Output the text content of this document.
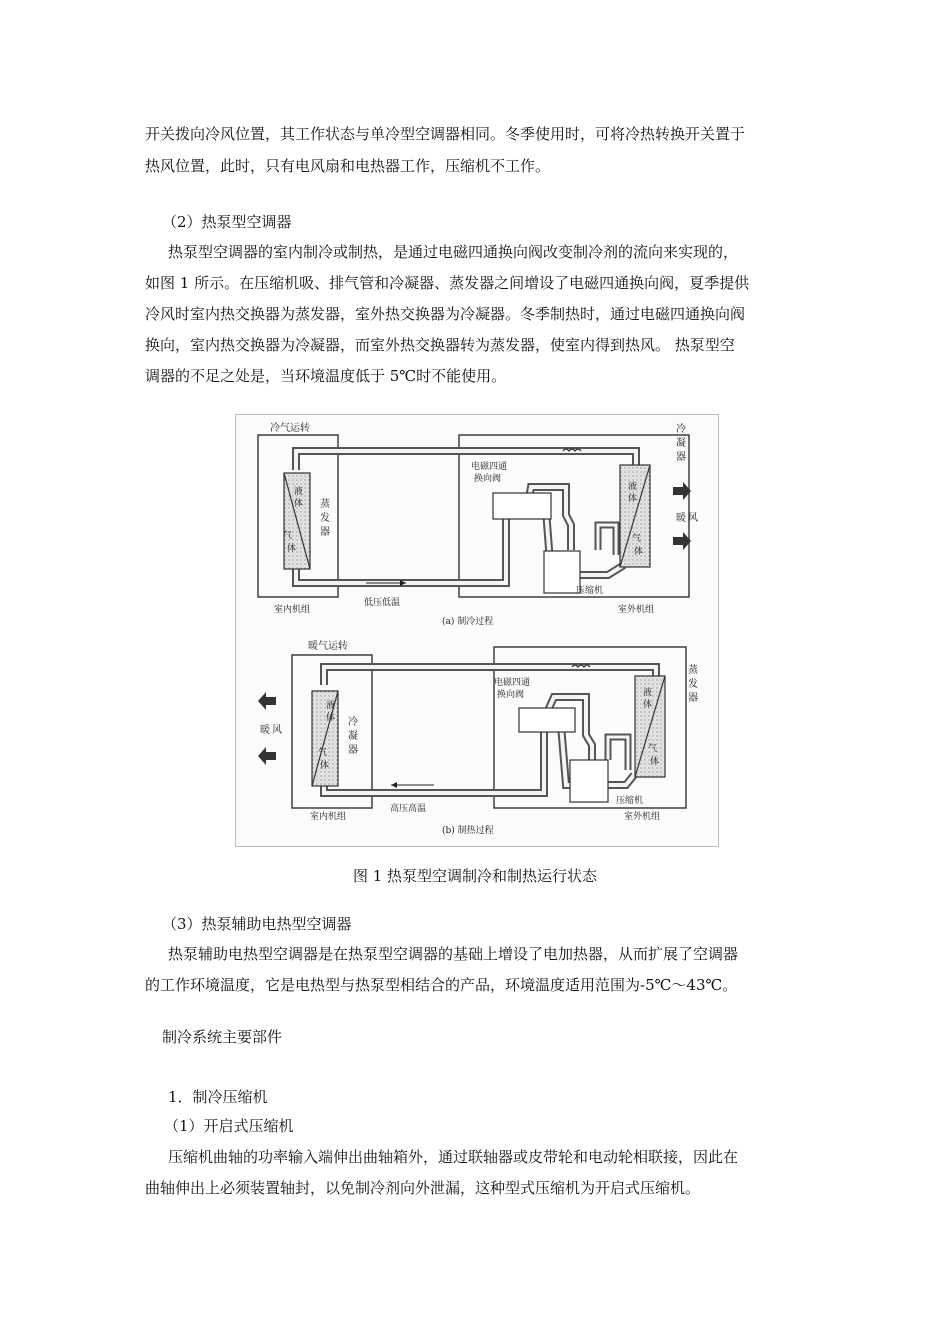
开关拨向冷风位置，其工作状态与单冷型空调器相同。冬季使用时，可将冷热转换开关置于
热风位置，此时，只有电风扇和电热器工作，压缩机不工作。
（2）热泵型空调器
热泵型空调器的室内制冷或制热，是通过电磁四通换向阀改变制冷剂的流向来实现的，
如图 1 所示。在压缩机吸、排气管和冷凝器、蒸发器之间增设了电磁四通换向阀，夏季提供
冷风时室内热交换器为蒸发器，室外热交换器为冷凝器。冬季制热时，通过电磁四通换向阀
换向，室内热交换器为冷凝器，而室外热交换器转为蒸发器，使室内得到热风。 热泵型空
调器的不足之处是，当环境温度低于 5℃时不能使用。
冷气运转
电磁四通
换向阀
液
体
气
体
蒸
发
器
冷
凝
器
液
体
气
体
暖 风
压缩机
室内机组
低压低温
室外机组
(a) 制冷过程
暖气运转
电磁四通
换向阀
液
体
气
体
冷
凝
器
蒸
发
器
液
体
气
体
暖 风
压缩机
室内机组
高压高温
室外机组
(b) 制热过程
图 1 热泵型空调制冷和制热运行状态
（3）热泵辅助电热型空调器
热泵辅助电热型空调器是在热泵型空调器的基础上增设了电加热器，从而扩展了空调器
的工作环境温度，它是电热型与热泵型相结合的产品，环境温度适用范围为-5℃～43℃。
制冷系统主要部件
1．制冷压缩机
（1）开启式压缩机
压缩机曲轴的功率输入端伸出曲轴箱外，通过联轴器或皮带轮和电动轮相联接，因此在
曲轴伸出上必须装置轴封，以免制冷剂向外泄漏，这种型式压缩机为开启式压缩机。
